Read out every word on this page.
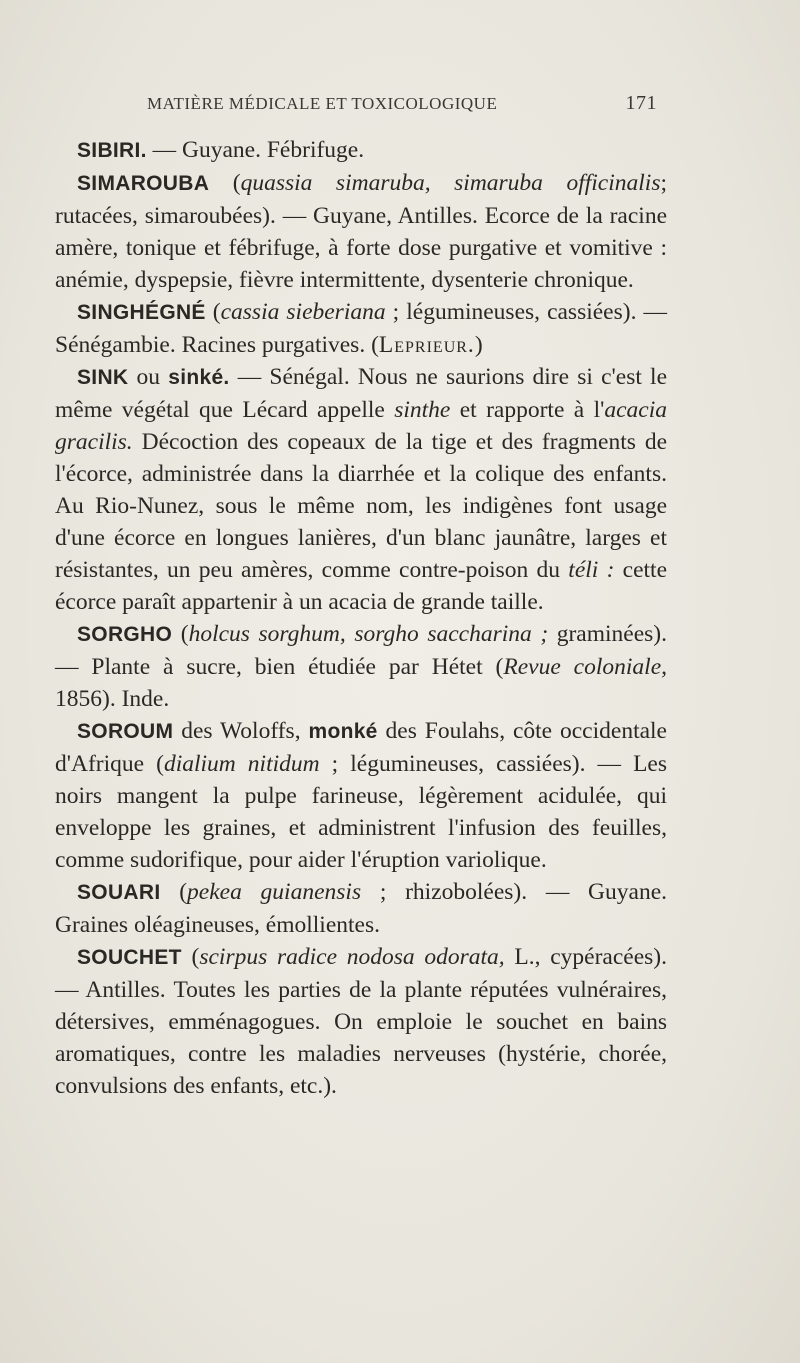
MATIÈRE MÉDICALE ET TOXICOLOGIQUE	171

SIBIRI. — Guyane. Fébrifuge.

SIMAROUBA (quassia simaruba, simaruba officinalis; rutacées, simaroubées). — Guyane, Antilles. Ecorce de la racine amère, tonique et fébrifuge, à forte dose purgative et vomitive : anémie, dyspepsie, fièvre intermittente, dysenterie chronique.

SINGHÉGNÉ (cassia sieberiana ; légumineuses, cassiées). — Sénégambie. Racines purgatives. (Leprieur.)

SINK ou sinké. — Sénégal. Nous ne saurions dire si c'est le même végétal que Lécard appelle sinthe et rapporte à l'acacia gracilis. Décoction des copeaux de la tige et des fragments de l'écorce, administrée dans la diarrhée et la colique des enfants. Au Rio-Nunez, sous le même nom, les indigènes font usage d'une écorce en longues lanières, d'un blanc jaunâtre, larges et résistantes, un peu amères, comme contre-poison du téli : cette écorce paraît appartenir à un acacia de grande taille.

SORGHO (holcus sorghum, sorgho saccharina ; graminées). — Plante à sucre, bien étudiée par Hétet (Revue coloniale, 1856). Inde.

SOROUM des Woloffs, monké des Foulahs, côte occidentale d'Afrique (dialium nitidum ; légumineuses, cassiées). — Les noirs mangent la pulpe farineuse, légèrement acidulée, qui enveloppe les graines, et administrent l'infusion des feuilles, comme sudorifique, pour aider l'éruption variolique.

SOUARI (pekea guianensis ; rhizobolées). — Guyane. Graines oléagineuses, émollientes.

SOUCHET (scirpus radice nodosa odorata, L., cypéracées). — Antilles. Toutes les parties de la plante réputées vulnéraires, détersives, emménagogues. On emploie le souchet en bains aromatiques, contre les maladies nerveuses (hystérie, chorée, convulsions des enfants, etc.).
